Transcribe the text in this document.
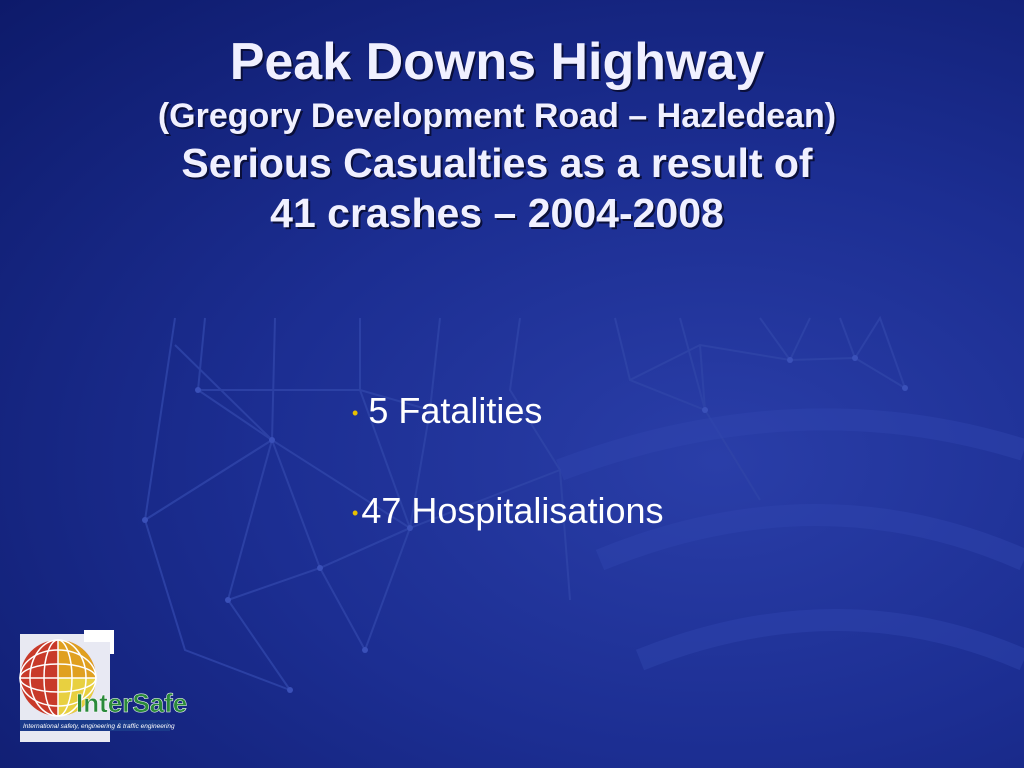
Peak Downs Highway
(Gregory Development Road – Hazledean)
Serious Casualties as a result of
41 crashes – 2004-2008
• 5 Fatalities
•47 Hospitalisations
InterSafe
International safety, engineering & traffic engineering
